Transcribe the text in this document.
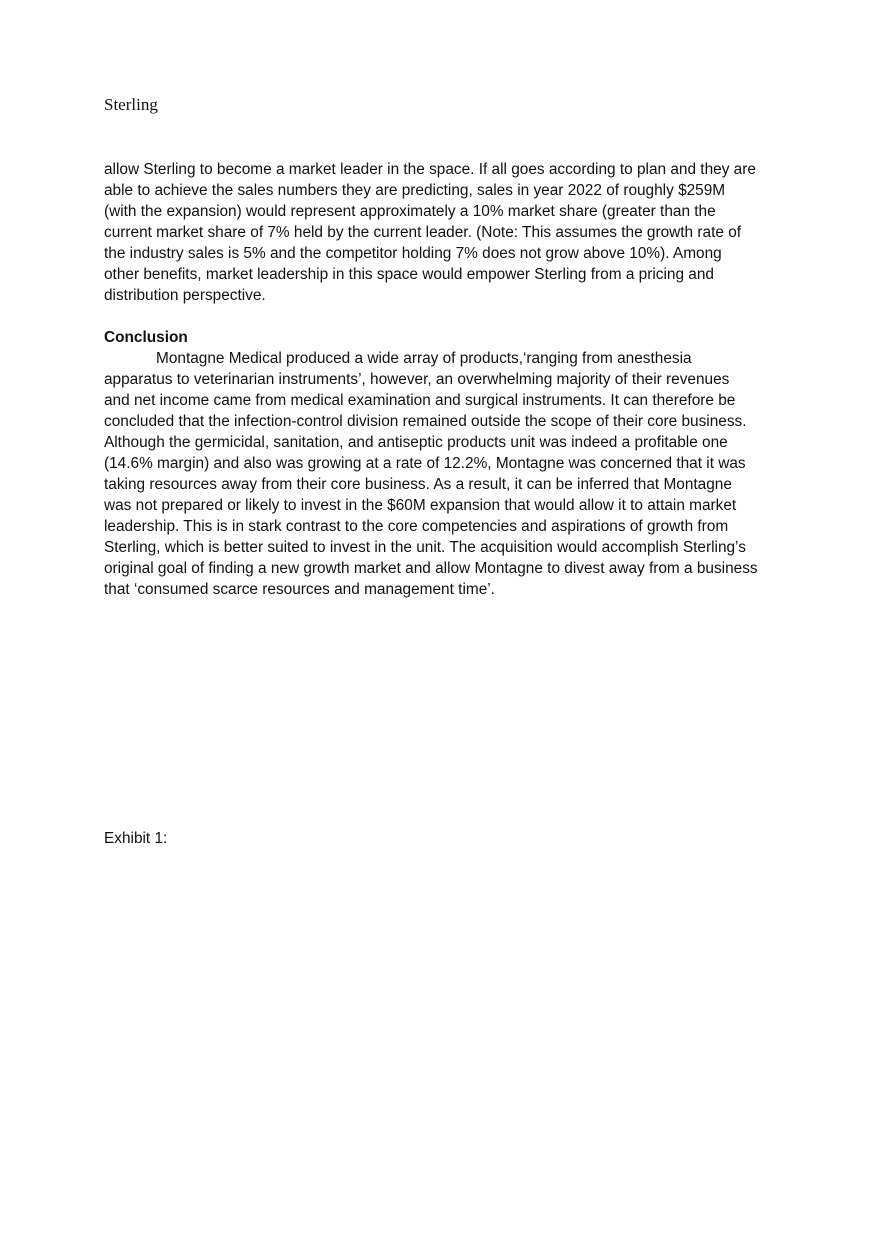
Sterling

allow Sterling to become a market leader in the space. If all goes according to plan and they are

able to achieve the sales numbers they are predicting, sales in year 2022 of roughly $259M

(with the expansion) would represent approximately a 10% market share (greater than the

current market share of 7% held by the current leader. (Note: This assumes the growth rate of

the industry sales is 5% and the competitor holding 7% does not grow above 10%). Among

other benefits, market leadership in this space would empower Sterling from a pricing and

distribution perspective.

Conclusion

Montagne Medical produced a wide array of products,‘ranging from anesthesia

apparatus to veterinarian instruments’, however, an overwhelming majority of their revenues

and net income came from medical examination and surgical instruments. It can therefore be

concluded that the infection-control division remained outside the scope of their core business.

Although the germicidal, sanitation, and antiseptic products unit was indeed a profitable one

(14.6% margin) and also was growing at a rate of 12.2%, Montagne was concerned that it was

taking resources away from their core business. As a result, it can be inferred that Montagne

was not prepared or likely to invest in the $60M expansion that would allow it to attain market

leadership. This is in stark contrast to the core competencies and aspirations of growth from

Sterling, which is better suited to invest in the unit. The acquisition would accomplish Sterling’s

original goal of finding a new growth market and allow Montagne to divest away from a business

that ‘consumed scarce resources and management time’.

Exhibit 1:
